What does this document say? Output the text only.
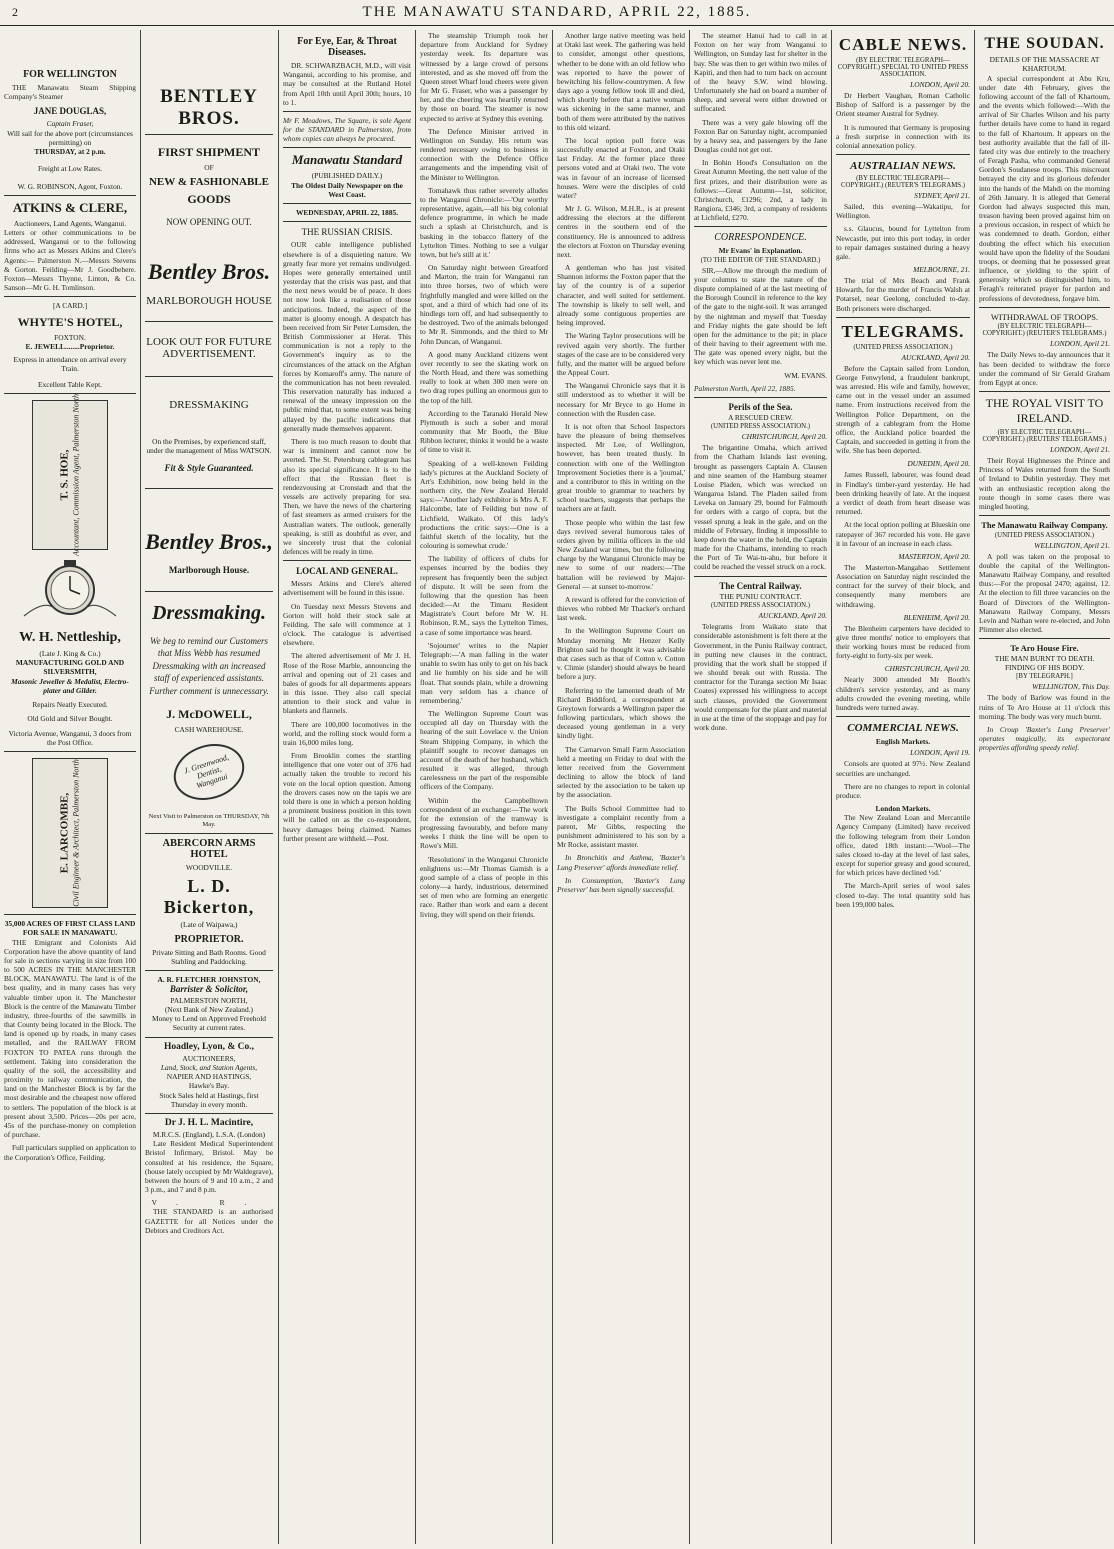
2	THE MANAWATU STANDARD, APRIL 22, 1885.
FOR WELLINGTON
THE Manawatu Steam Shipping Company's Steamer
JANE DOUGLAS,
Captain Fraser,
Will sail for the above port (circumstances permitting) on
THURSDAY, at 2 p.m.
Freight at Low Rates.
W. G. ROBINSON, Agent, Foxton.
ATKINS & CLERE,
Auctioneers, Land Agents, Wanganui.
Letters or other communications to be addressed, Wanganui or to the following firms who act as Messrs Atkins and Clere's Agents:— Palmerston N.—Messrs Stevens & Gorton. Feilding—Mr J. Goodbehere. Foxton—Messrs Thynne, Linton, & Co. Sanson—Mr G. H. Tomlinson.
[A CARD.]
WHYTE'S HOTEL,
FOXTON.
E. JEWELL........Proprietor.
Express in attendance on arrival every Train.
Excellent Table Kept.
T. S. HOE, Accountant, Commission Agent, Palmerston North
W. H. Nettleship,
(Late J. King & Co.)
MANUFACTURING GOLD AND SILVERSMITH,
Masonic Jeweller & Medalist, Electro-plater and Gilder.
Repairs Neatly Executed.
Old Gold and Silver Bought.
Victoria Avenue, Wanganui, 3 doors from the Post Office.
E. LARCOMBE, Civil Engineer & Architect, Palmerston North
35,000 ACRES OF FIRST CLASS LAND FOR SALE IN MANAWATU.
THE Emigrant and Colonists Aid Corporation have the above quantity of land for sale in sections varying in size from 100 to 500 ACRES IN THE MANCHESTER BLOCK, MANAWATU. The land is of the best quality, and in many cases has very valuable timber upon it. The Manchester Block is the centre of the Manawatu Timber industry, three-fourths of the sawmills in that County being located in the Block. The land is opened up by roads, in many cases metalled, and the RAILWAY FROM FOXTON TO PATEA runs through the settlement. Taking into consideration the quality of the soil, the accessibility and proximity to railway communication, the land on the Manchester Block is by far the most desirable and the cheapest now offered to settlers. The population of the block is at present about 3,500. Prices—20s per acre, 45s of the purchase-money on completion of purchase.
Full particulars supplied on application to the Corporation's Office, Feilding.
BENTLEY BROS.
FIRST SHIPMENT
OF
NEW & FASHIONABLE
GOODS
NOW OPENING OUT.
Bentley Bros.
MARLBOROUGH HOUSE
LOOK OUT FOR FUTURE ADVERTISEMENT.
DRESSMAKING
On the Premises, by experienced staff, under the management of Miss WATSON.
Fit & Style Guaranteed.
Bentley Bros.,
Marlborough House.
Dressmaking.
We beg to remind our Customers that Miss Webb has resumed Dressmaking with an increased staff of experienced assistants. Further comment is unnecessary.
J. McDOWELL,
CASH WAREHOUSE.
J. Greenwood, Dentist, Wanganui
Next Visit to Palmerston on THURSDAY, 7th May.
ABERCORN ARMS HOTEL
WOODVILLE.
L. D. Bickerton,
(Late of Waipawa,)
PROPRIETOR.
Private Sitting and Bath Rooms. Good Stabling and Paddocking.
A. R. FLETCHER JOHNSTON,
Barrister & Solicitor,
PALMERSTON NORTH,
(Next Bank of New Zealand.)
Money to Lend on Approved Freehold Security at current rates.
Hoadley, Lyon, & Co.,
AUCTIONEERS,
Land, Stock, and Station Agents,
NAPIER AND HASTINGS,
Hawke's Bay.
Stock Sales held at Hastings, first Thursday in every month.
Dr J. H. L. Macintire,
M.R.C.S. (England), L.S.A. (London)
Late Resident Medical Superintendent Bristol Infirmary, Bristol. May be consulted at his residence, the Square, (house lately occupied by Mr Waldegrave), between the hours of 9 and 10 a.m., 2 and 3 p.m., and 7 and 8 p.m.
V. R.
THE STANDARD is an authorised GAZETTE for all Notices under the Debtors and Creditors Act.
For Eye, Ear, & Throat Diseases.
DR. SCHWARZBACH, M.D., will visit Wanganui, according to his promise, and may be consulted at the Rutland Hotel from April 10th until April 30th; hours, 10 to 1.
Mr F. Meadows, The Square, is sole Agent for the STANDARD in Palmerston, from whom copies can always be procured.
Manawatu Standard
(PUBLISHED DAILY.)
The Oldest Daily Newspaper on the West Coast.
WEDNESDAY, APRIL 22, 1885.
THE RUSSIAN CRISIS.
OUR cable intelligence published elsewhere is of a disquieting nature. We greatly fear more yet remains undivulged. Hopes were generally entertained until yesterday that the crisis was past, and that the next news would be of peace. It does not now look like a realisation of those anticipations. Indeed, the aspect of the matter is gloomy enough. A despatch has been received from Sir Peter Lumsden, the British Commissioner at Herat. This communication is not a reply to the Government's inquiry as to the circumstances of the attack on the Afghan forces by Komaroff's army. The nature of the communication has not been revealed. This reservation naturally has induced a renewal of the uneasy impression on the public mind that, to some extent was being allayed by the pacific indications that generally made themselves apparent.
There is too much reason to doubt that war is imminent and cannot now be averted. The St. Petersburg cablegram has also its special significance. It is to the effect that the Russian fleet is rendezvousing at Cronstadt and that the vessels are actively preparing for sea. Then, we have the news of the chartering of fast steamers as armed cruisers for the Australian waters. The outlook, generally speaking, is still as doubtful as ever, and we sincerely trust that the colonial defences will be ready in time.
LOCAL AND GENERAL.
Messrs Atkins and Clere's altered advertisement will be found in this issue.
On Tuesday next Messrs Stevens and Gorton will hold their stock sale at Feilding. The sale will commence at 1 o'clock. The catalogue is advertised elsewhere.
The altered advertisement of Mr J. H. Rose of the Rose Marble, announcing the arrival and opening out of 21 cases and bales of goods for all departments appears in this issue. They also call special attention to their stock and value in blankets and flannels.
There are 100,000 locomotives in the world, and the rolling stock would form a train 16,000 miles long.
From Brooklin comes the startling intelligence that one voter out of 376 had actually taken the trouble to record his vote on the local option question. Among the drovers cases now on the tapis we are told there is one in which a person holding a prominent business position in this town will be called on as the co-respondent, heavy damages being claimed. Names further present are withheld.—Post.
The steamship Triumph took her departure from Auckland for Sydney yesterday week. Its departure was witnessed by a large crowd of persons interested, and as she moved off from the Queen street Wharf loud cheers were given for Mr G. Fraser, who was a passenger by her, and the cheering was heartily returned by those on board. The steamer is now expected to arrive at Sydney this evening.
The Defence Minister arrived in Wellington on Sunday. His return was rendered necessary owing to business in connection with the Defence Office arrangements and the impending visit of the Minister to Wellington.
Tomahawk thus rather severely alludes to the Wanganui Chronicle:—'Our worthy representative, again,—all his big colonial defence programme, in which he made such a splash at Christchurch, and is basking in the tobacco flattery of the Lyttelton Times. Nothing to see a vulgar town, but he's still at it.'
On Saturday night between Greatford and Marton, the train for Wanganui ran into three horses, two of which were frightfully mangled and were killed on the spot, and a third of which had one of its hindlegs torn off, and had subsequently to be destroyed. Two of the animals belonged to Mr R. Simmonds, and the third to Mr John Duncan, of Wanganui.
A good many Auckland citizens went over recently to see the skating work on the North Head, and there was something really to look at when 300 men were on two drag ropes pulling an enormous gun to the top of the hill.
According to the Taranaki Herald New Plymouth is such a sober and moral community that Mr Booth, the Blue Ribbon lecturer, thinks it would be a waste of time to visit it.
Speaking of a well-known Feilding lady's pictures at the Auckland Society of Art's Exhibition, now being held in the northern city, the New Zealand Herald says:—'Another lady exhibitor is Mrs A. F. Halcombe, late of Feilding but now of Lichfield, Waikato. Of this lady's productions the critic says:—One is a faithful sketch of the locality, but the colouring is somewhat crude.'
The liability of officers of clubs for expenses incurred by the bodies they represent has frequently been the subject of dispute. It will be seen from the following that the question has been decided:—At the Timaru Resident Magistrate's Court before Mr W. H. Robinson, R.M., says the Lyttelton Times, a case of some importance was heard.
'Sojourner' writes to the Napier Telegraph:—'A man falling in the water unable to swim has only to get on his back and lie humbly on his side and he will float. That sounds plain, while a drowning man very seldom has a chance of remembering.'
The Wellington Supreme Court was occupied all day on Thursday with the hearing of the suit Lovelace v. the Union Steam Shipping Company, in which the plaintiff sought to recover damages on account of the death of her husband, which resulted it was alleged, through carelessness on the part of the responsible officers of the Company.
Within the Campbelltown correspondent of an exchange:—The work for the extension of the tramway is progressing favourably, and before many weeks I think the line will be open to Rowe's Mill.
'Resolutions' in the Wanganui Chronicle enlightens us:—Mr Thomas Gamish is a good sample of a class of people in this colony—a hardy, industrious, determined set of men who are forming an energetic race. Rather than work and earn a decent living, they will spend on their friends.
Another large native meeting was held at Otaki last week. The gathering was held to consider, amongst other questions, whether to be done with an old fellow who was reported to have the power of bewitching his fellow-countrymen. A few days ago a young fellow took ill and died, which shortly before that a native woman was sickening in the same manner, and both of them were attributed by the natives to this old wizard.
The local option poll force was successfully enacted at Foxton, and Otaki last Friday. At the former place three persons voted and at Otaki two. The vote was in favour of an increase of licensed houses. Were were the disciples of cold water?
Mr J. G. Wilson, M.H.R., is at present addressing the electors at the different centres in the southern end of the constituency. He is announced to address the electors at Foxton on Thursday evening next.
A gentleman who has just visited Shannon informs the Foxton paper that the lay of the country is of a superior character, and well suited for settlement. The township is likely to sell well, and already some contiguous properties are being improved.
The Waring Taylor prosecutions will be revived again very shortly. The further stages of the case are to be considered very fully, and the matter will be argued before the Appeal Court.
The Wanganui Chronicle says that it is still understood as to whether it will be necessary for Mr Bryce to go Home in connection with the Rusden case.
It is not often that School Inspectors have the pleasure of being themselves inspected. Mr Lee, of Wellington, however, has been treated thusly. In connection with one of the Wellington Improvement Societies there is a 'journal,' and a contributor to this in writing on the great trouble to grammar to teachers by school teachers, suggests that perhaps the teachers are at fault.
Those people who within the last few days revived several humorous tales of orders given by militia officers in the old New Zealand war times, but the following charge by the Wanganui Chronicle may be new to some of our readers:—'The battalion will be reviewed by Major-General — at sunset to-morrow.'
A reward is offered for the conviction of thieves who robbed Mr Thacker's orchard last week.
In the Wellington Supreme Court on Monday morning Mr Henzer Kelly Brighton said he thought it was advisable that cases such as that of Cotton v. Cotton v. Climie (slander) should always be heard before a jury.
Referring to the lamented death of Mr Richard Biddiford, a correspondent at Greytown forwards a Wellington paper the following particulars, which shows the deceased young gentleman in a very kindly light.
The Carnarvon Small Farm Association held a meeting on Friday to deal with the letter received from the Government declining to allow the block of land selected by the association to be taken up by the association.
The Bulls School Committee had to investigate a complaint recently from a parent, Mr Gibbs, respecting the punishment administered to his son by a Mr Rocke, assistant master.
In Bronchitis and Asthma, 'Baxter's Lung Preserver' affords immediate relief.
In Consumption, 'Baxter's Lung Preserver' has been signally successful.
The steamer Hanui had to call in at Foxton on her way from Wanganui to Wellington, on Sunday last for shelter in the bay. She was then to get within two miles of Kapiti, and then had to turn back on account of the heavy S.W. wind blowing. Unfortunately she had on board a number of sheep, and several were either drowned or suffocated.
There was a very gale blowing off the Foxton Bar on Saturday night, accompanied by a heavy sea, and passengers by the Jane Douglas could not get out.
In Bohin Hood's Consultation on the Great Autumn Meeting, the nett value of the first prizes, and their distribution were as follows:—Great Autumn—1st, solicitor, Christchurch, £1296; 2nd, a lady in Rangiora, £346; 3rd, a company of residents at Lichfield, £270.
CORRESPONDENCE.
Mr Evans' in Explanation.
(TO THE EDITOR OF THE STANDARD.)
SIR,—Allow me through the medium of your columns to state the nature of the dispute complained of at the last meeting of the Borough Council in reference to the key of the gate to the night-soil. It was arranged by the nightman and myself that Tuesday and Friday nights the gate should be left open for the admittance to the pit; in place of their having to their agreement with me. The gate was opened every night, but the key which was never lent me.
WM. EVANS.
Palmerston North, April 22, 1885.
Perils of the Sea.
A RESCUED CREW.
(UNITED PRESS ASSOCIATION.)
CHRISTCHURCH, April 20.
The brigantine Omaha, which arrived from the Chatham Islands last evening, brought as passengers Captain A. Clausen and nine seamen of the Hamburg steamer Louise Pladen, which was wrecked on Wangaroa Island. The Pladen sailed from Leveka on January 29, bound for Falmouth for orders with a cargo of copra, but the vessel sprung a leak in the gale, and on the middle of February, finding it impossible to keep down the water in the hold, the Captain made for the Chathams, intending to reach the Port of Te Wai-tu-ahu, but before it could be reached the vessel struck on a rock.
The Central Railway.
THE PUNIU CONTRACT.
(UNITED PRESS ASSOCIATION.)
AUCKLAND, April 20.
Telegrams from Waikato state that considerable astonishment is felt there at the Government, in the Puniu Railway contract, in putting new clauses in the contract, providing that the work shall be stopped if we should break out with Russia. The contractor for the Turanga section Mr Isaac Coates) expressed his willingness to accept such clauses, provided the Government would compensate for the plant and material in use at the time of the stoppage and pay for work done.
CABLE NEWS.
(BY ELECTRIC TELEGRAPH—COPYRIGHT.) SPECIAL TO UNITED PRESS ASSOCIATION.
LONDON, April 20.
Dr Herbert Vaughan, Roman Catholic Bishop of Salford is a passenger by the Orient steamer Austral for Sydney.
It is rumoured that Germany is proposing a fresh surprise in connection with its colonial annexation policy.
AUSTRALIAN NEWS.
(BY ELECTRIC TELEGRAPH—COPYRIGHT.) (REUTER'S TELEGRAMS.)
SYDNEY, April 21.
Sailed, this evening—Wakatipu, for Wellington.
s.s. Glaucus, bound for Lyttelton from Newcastle, put into this port today, in order to repair damages sustained during a heavy gale.
MELBOURNE, 21.
The trial of Mrs Beach and Frank Howarth, for the murder of Francis Walsh at Potarsel, near Geelong, concluded to-day. Both prisoners were discharged.
TELEGRAMS.
(UNITED PRESS ASSOCIATION.)
AUCKLAND, April 20.
Before the Captain sailed from London, George Fenwylend, a fraudulent bankrupt, was arrested. His wife and family, however, came out in the vessel under an assumed name. From instructions received from the Wellington Police Department, on the strength of a cablegram from the Home office, the Auckland police boarded the Captain, and succeeded in getting it from the wife. She has been deported.
DUNEDIN, April 20.
James Russell, labourer, was found dead in Findlay's timber-yard yesterday. He had been drinking heavily of late. At the inquest a verdict of death from heart disease was returned.
At the local option polling at Blueskin one ratepayer of 367 recorded his vote. He gave it in favour of an increase in each class.
MASTERTON, April 20.
The Masterton-Mangahao Settlement Association on Saturday night rescinded the contract for the survey of their block, and consequently many members are withdrawing.
BLENHEIM, April 20.
The Blenheim carpenters have decided to give three months' notice to employers that their working hours must be reduced from forty-eight to forty-six per week.
CHRISTCHURCH, April 20.
Nearly 3000 attended Mr Booth's children's service yesterday, and as many adults crowded the evening meeting, while hundreds were turned away.
COMMERCIAL NEWS.
English Markets.
LONDON, April 19.
Consols are quoted at 97½. New Zealand securities are unchanged.
There are no changes to report in colonial produce.
London Markets.
The New Zealand Loan and Mercantile Agency Company (Limited) have received the following telegram from their London office, dated 18th instant:—'Wool—The sales closed to-day at the level of last sales, except for superior greasy and good scoured, for which prices have declined ½d.'
The March-April series of wool sales closed to-day. The total quantity sold has been 199,000 bales.
THE SOUDAN.
DETAILS OF THE MASSACRE AT KHARTOUM.
A special correspondent at Abu Kru, under date 4th February, gives the following account of the fall of Khartoum, and the events which followed:—With the arrival of Sir Charles Wilson and his party further details have come to hand in regard to the fall of Khartoum. It appears on the best authority available that the fall of ill-fated city was due entirely to the treachery of Feragh Pasha, who commanded General Gordon's Soudanese troops. This miscreant betrayed the city and its glorious defender into the hands of the Mahdi on the morning of 26th January. It is alleged that General Gordon had always suspected this man, treason having been proved against him on a previous occasion, in respect of which he was condemned to death. Gordon, either doubting the effect which his execution would have upon the fidelity of the Soudani troops, or deeming that he possessed great influence, or yielding to the spirit of generosity which so distinguished him, to Feragh's reiterated prayer for pardon and professions of devotedness, forgave him.
WITHDRAWAL OF TROOPS.
(BY ELECTRIC TELEGRAPH—COPYRIGHT.) (REUTER'S TELEGRAMS.)
LONDON, April 21.
The Daily News to-day announces that it has been decided to withdraw the force under the command of Sir Gerald Graham from Egypt at once.
THE ROYAL VISIT TO IRELAND.
(BY ELECTRIC TELEGRAPH—COPYRIGHT.) (REUTERS' TELEGRAMS.)
LONDON, April 21.
Their Royal Highnesses the Prince and Princess of Wales returned from the South of Ireland to Dublin yesterday. They met with an enthusiastic reception along the route though in some cases there was mingled hooting.
The Manawatu Railway Company.
(UNITED PRESS ASSOCIATION.)
WELLINGTON, April 21.
A poll was taken on the proposal to double the capital of the Wellington-Manawatu Railway Company, and resulted thus:—For the proposal 2470; against, 12. At the election to fill three vacancies on the Board of Directors of the Wellington-Manawatu Railway Company, Messrs Levin and Nathan were re-elected, and John Plimmer also elected.
Te Aro House Fire.
THE MAN BURNT TO DEATH.
FINDING OF HIS BODY.
[BY TELEGRAPH.]
WELLINGTON, This Day.
The body of Barlow was found in the ruins of Te Aro House at 11 o'clock this morning. The body was very much burnt.
In Croup 'Baxter's Lung Preserver' operates magically, its expectorant properties affording speedy relief.
